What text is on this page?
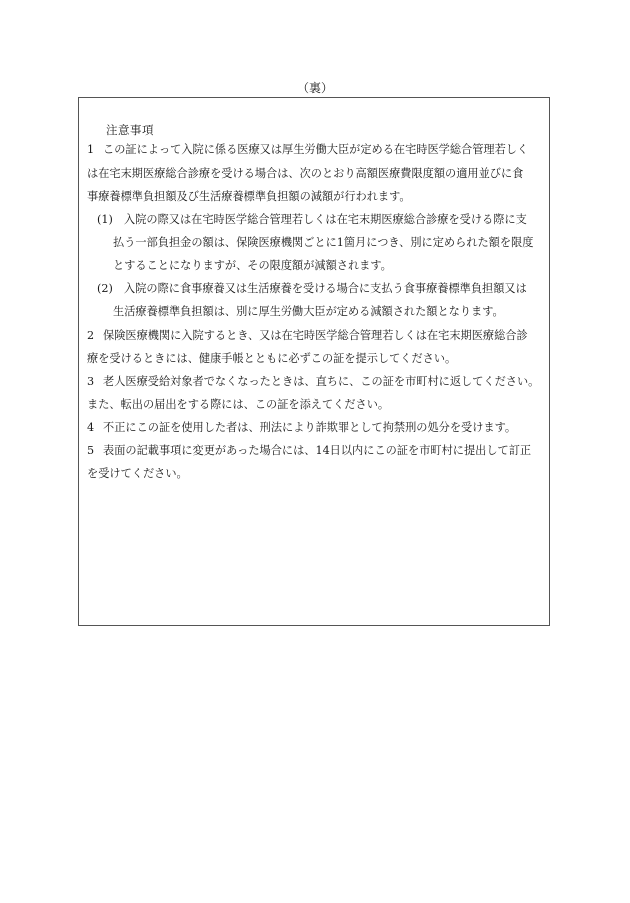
（裏）
注意事項
1 この証によって入院に係る医療又は厚生労働大臣が定める在宅時医学総合管理若しく
は在宅末期医療総合診療を受ける場合は、次のとおり高額医療費限度額の適用並びに食
事療養標準負担額及び生活療養標準負担額の減額が行われます。
(1) 入院の際又は在宅時医学総合管理若しくは在宅末期医療総合診療を受ける際に支
払う一部負担金の額は、保険医療機関ごとに1箇月につき、別に定められた額を限度
とすることになりますが、その限度額が減額されます。
(2) 入院の際に食事療養又は生活療養を受ける場合に支払う食事療養標準負担額又は
生活療養標準負担額は、別に厚生労働大臣が定める減額された額となります。
2 保険医療機関に入院するとき、又は在宅時医学総合管理若しくは在宅末期医療総合診
療を受けるときには、健康手帳とともに必ずこの証を提示してください。
3 老人医療受給対象者でなくなったときは、直ちに、この証を市町村に返してください。
また、転出の届出をする際には、この証を添えてください。
4 不正にこの証を使用した者は、刑法により詐欺罪として拘禁刑の処分を受けます。
5 表面の記載事項に変更があった場合には、14日以内にこの証を市町村に提出して訂正
を受けてください。
